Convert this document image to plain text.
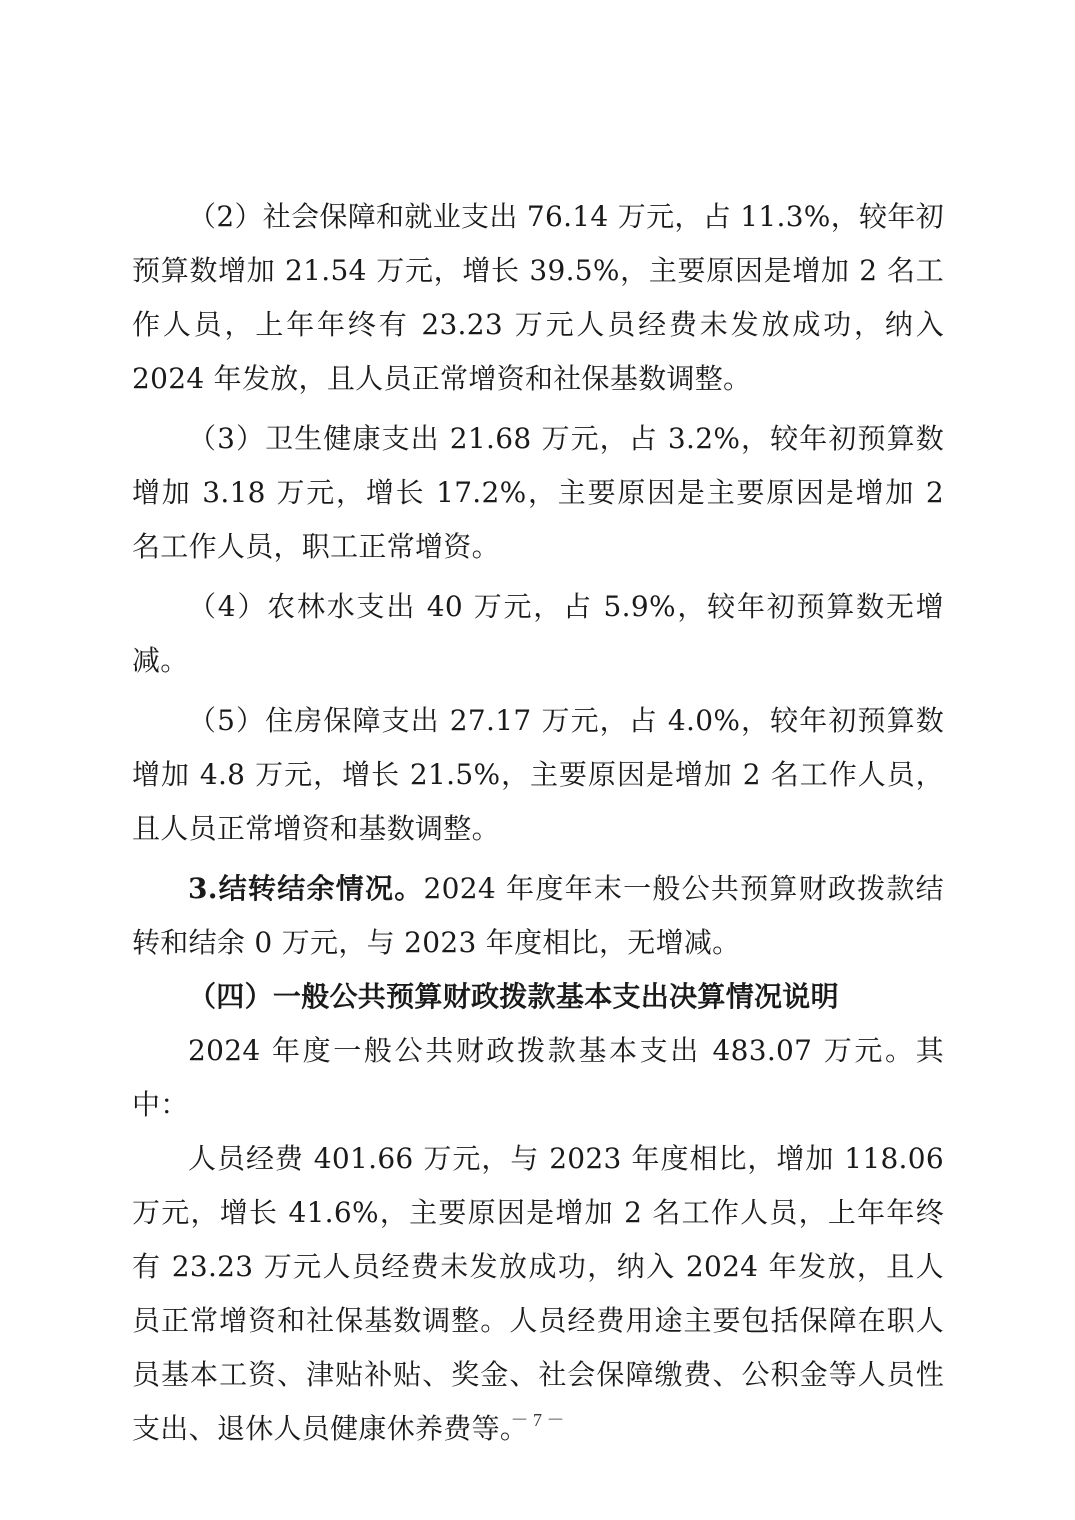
（2）社会保障和就业支出 76.14 万元，占 11.3%，较年初预算数增加 21.54 万元，增长 39.5%，主要原因是增加 2 名工作人员，上年年终有 23.23 万元人员经费未发放成功，纳入 2024 年发放，且人员正常增资和社保基数调整。

（3）卫生健康支出 21.68 万元，占 3.2%，较年初预算数增加 3.18 万元，增长 17.2%，主要原因是主要原因是增加 2 名工作人员，职工正常增资。

（4）农林水支出 40 万元，占 5.9%，较年初预算数无增减。

（5）住房保障支出 27.17 万元，占 4.0%，较年初预算数增加 4.8 万元，增长 21.5%，主要原因是增加 2 名工作人员，且人员正常增资和基数调整。

3.结转结余情况。2024 年度年末一般公共预算财政拨款结转和结余 0 万元，与 2023 年度相比，无增减。

（四）一般公共预算财政拨款基本支出决算情况说明

2024 年度一般公共财政拨款基本支出 483.07 万元。其中：

人员经费 401.66 万元，与 2023 年度相比，增加 118.06 万元，增长 41.6%，主要原因是增加 2 名工作人员，上年年终有 23.23 万元人员经费未发放成功，纳入 2024 年发放，且人员正常增资和社保基数调整。人员经费用途主要包括保障在职人员基本工资、津贴补贴、奖金、社会保障缴费、公积金等人员性支出、退休人员健康休养费等。

－ 7 －
